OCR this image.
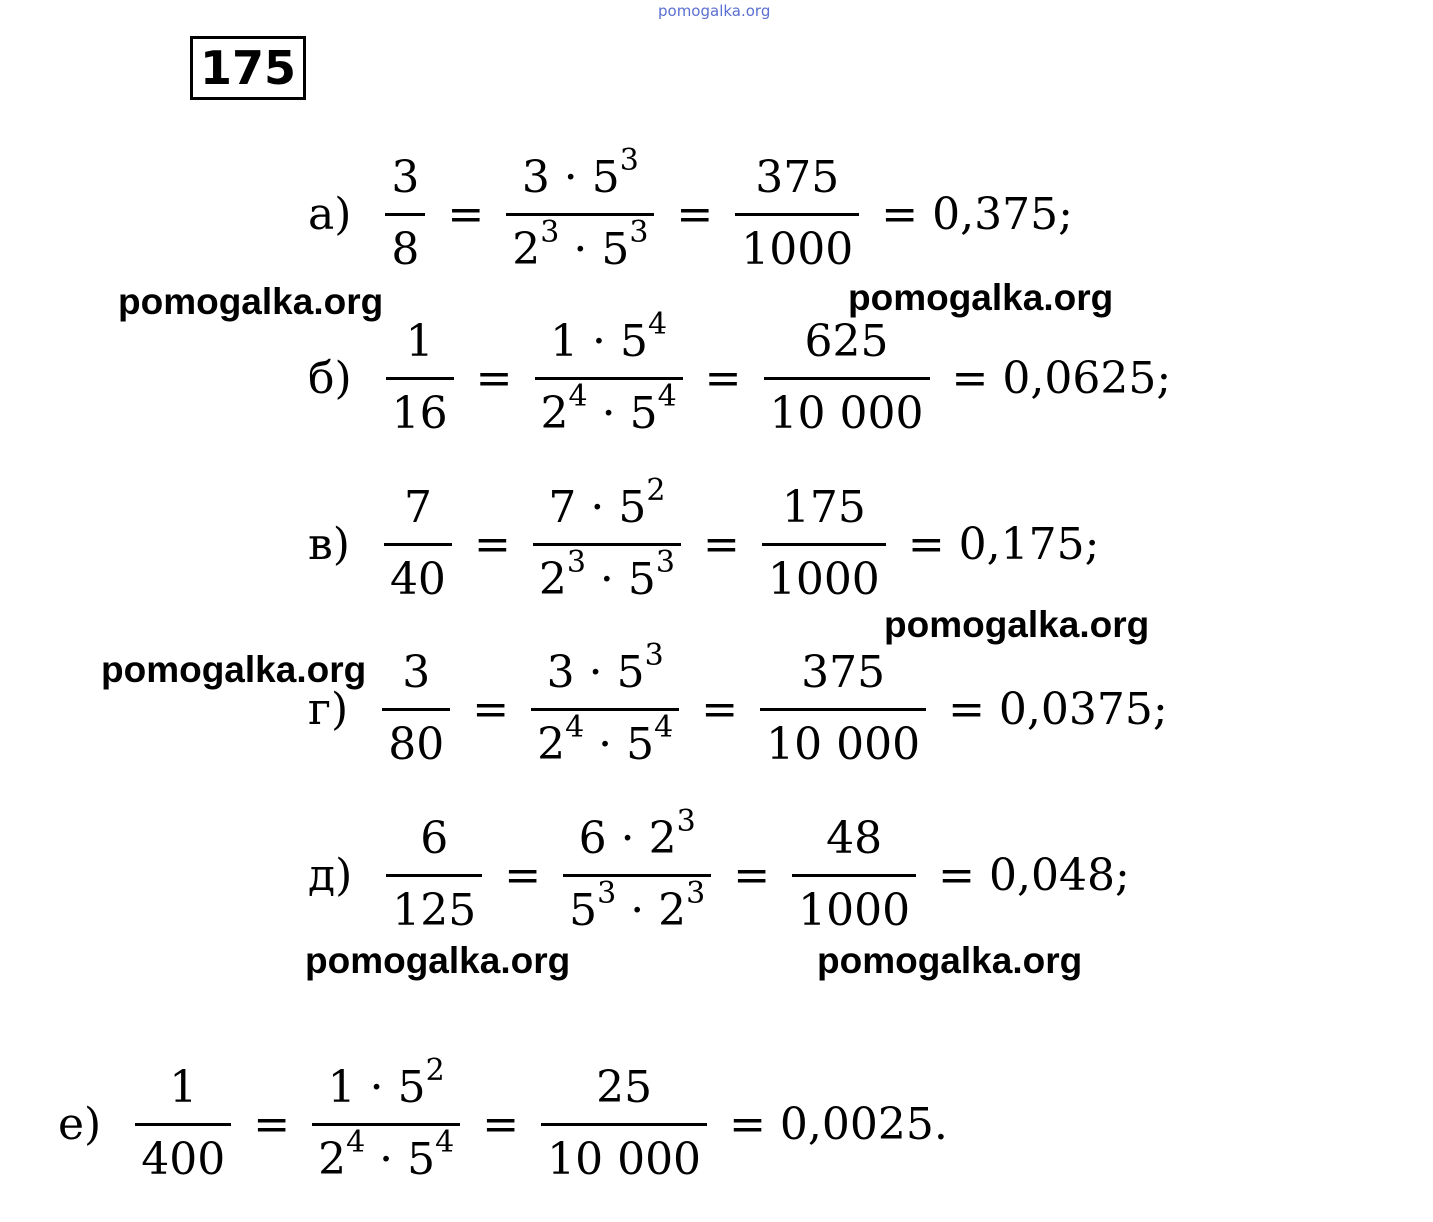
pomogalka.org
175
pomogalka.org	pomogalka.org
pomogalka.org
pomogalka.org
pomogalka.org	pomogalka.org
$а) \frac{3}{8} = \frac{3 \cdot 5^3}{2^3 \cdot 5^3} = \frac{375}{1000} = 0,375$;
$б) \frac{1}{16} = \frac{1 \cdot 5^4}{2^4 \cdot 5^4} = \frac{625}{10 000} = 0,0625$;
$в) \frac{7}{40} = \frac{7 \cdot 5^2}{2^3 \cdot 5^3} = \frac{175}{1000} = 0,175$;
$г) \frac{3}{80} = \frac{3 \cdot 5^3}{2^4 \cdot 5^4} = \frac{375}{10 000} = 0,0375$;
$д) \frac{6}{125} = \frac{6 \cdot 2^3}{5^3 \cdot 2^3} = \frac{48}{1000} = 0,048$;
$е) \frac{1}{400} = \frac{1 \cdot 5^2}{2^4 \cdot 5^4} = \frac{25}{10 000} = 0,0025$.
